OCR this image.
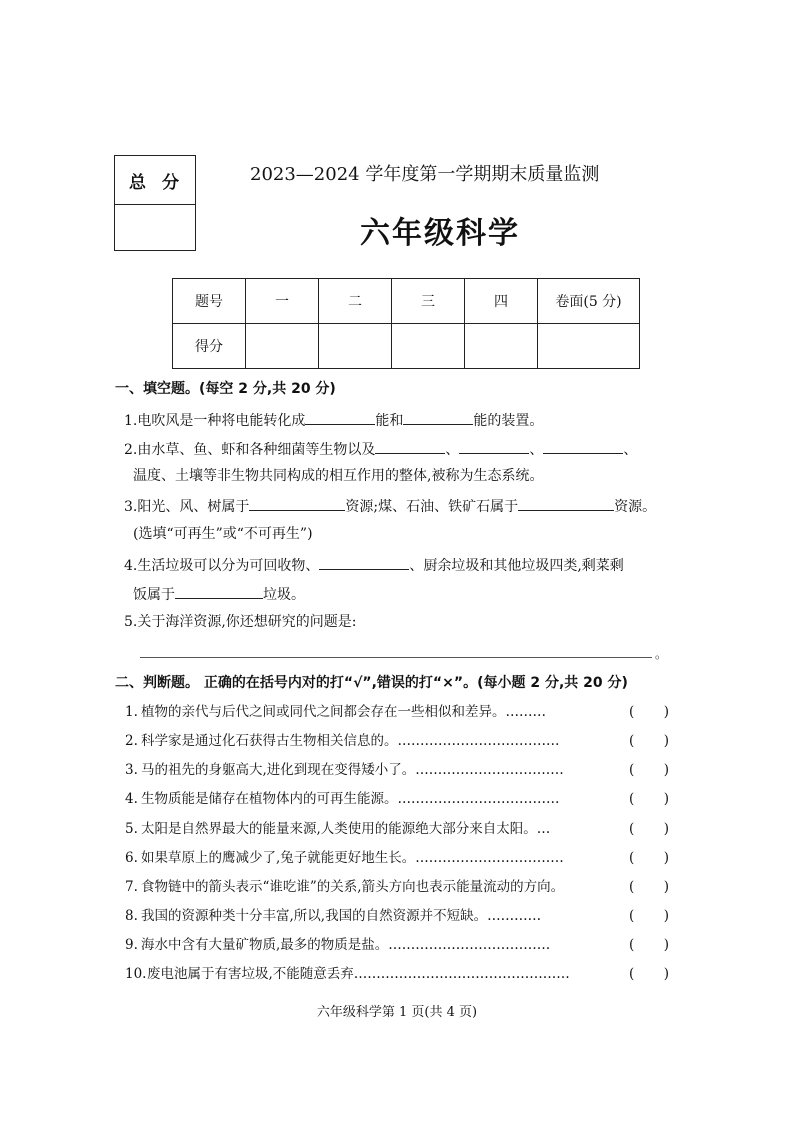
总 分	2023—2024 学年度第一学期期末质量监测
六年级科学
题号	一	二	三	四	卷面(5 分)
得分					
一、填空题。(每空 2 分,共 20 分)
1.电吹风是一种将电能转化成	能和	能的装置。
2.由水草、鱼、虾和各种细菌等生物以及	、	、	、
温度、土壤等非生物共同构成的相互作用的整体,被称为生态系统。
3.阳光、风、树属于	资源;煤、石油、铁矿石属于	资源。
(选填“可再生”或“不可再生”)
4.生活垃圾可以分为可回收物、	、厨余垃圾和其他垃圾四类,剩菜剩
饭属于	垃圾。
5.关于海洋资源,你还想研究的问题是:
。
二、判断题。 正确的在括号内对的打“√”,错误的打“×”。(每小题 2 分,共 20 分)
1. 植物的亲代与后代之间或同代之间都会存在一些相似和差异。………	( )
2. 科学家是通过化石获得古生物相关信息的。………………………………	( )
3. 马的祖先的身躯高大,进化到现在变得矮小了。……………………………	( )
4. 生物质能是储存在植物体内的可再生能源。………………………………	( )
5. 太阳是自然界最大的能量来源,人类使用的能源绝大部分来自太阳。…	( )
6. 如果草原上的鹰减少了,兔子就能更好地生长。……………………………	( )
7. 食物链中的箭头表示“谁吃谁”的关系,箭头方向也表示能量流动的方向。	( )
8. 我国的资源种类十分丰富,所以,我国的自然资源并不短缺。…………	( )
9. 海水中含有大量矿物质,最多的物质是盐。………………………………	( )
10.废电池属于有害垃圾,不能随意丢弃…………………………………………	( )
六年级科学第 1 页(共 4 页)
